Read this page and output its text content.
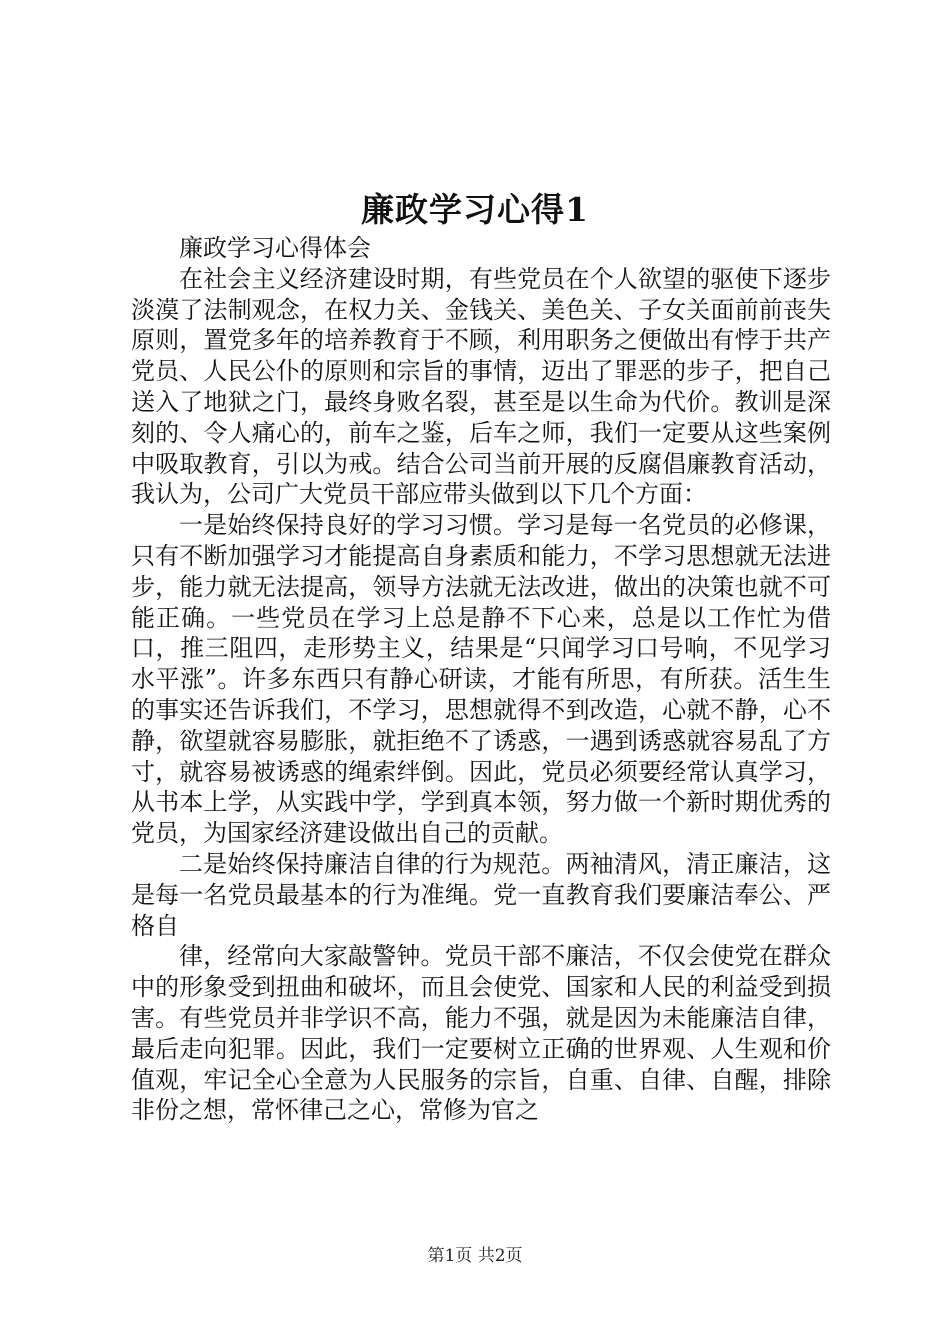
廉政学习心得1

廉政学习心得体会

在社会主义经济建设时期，有些党员在个人欲望的驱使下逐步淡漠了法制观念，在权力关、金钱关、美色关、子女关面前前丧失原则，置党多年的培养教育于不顾，利用职务之便做出有悖于共产党员、人民公仆的原则和宗旨的事情，迈出了罪恶的步子，把自己送入了地狱之门，最终身败名裂，甚至是以生命为代价。教训是深刻的、令人痛心的，前车之鉴，后车之师，我们一定要从这些案例中吸取教育，引以为戒。结合公司当前开展的反腐倡廉教育活动，我认为，公司广大党员干部应带头做到以下几个方面：

一是始终保持良好的学习习惯。学习是每一名党员的必修课，只有不断加强学习才能提高自身素质和能力，不学习思想就无法进步，能力就无法提高，领导方法就无法改进，做出的决策也就不可能正确。一些党员在学习上总是静不下心来，总是以工作忙为借口，推三阻四，走形势主义，结果是“只闻学习口号响，不见学习水平涨”。许多东西只有静心研读，才能有所思，有所获。活生生的事实还告诉我们，不学习，思想就得不到改造，心就不静，心不静，欲望就容易膨胀，就拒绝不了诱惑，一遇到诱惑就容易乱了方寸，就容易被诱惑的绳索绊倒。因此，党员必须要经常认真学习，从书本上学，从实践中学，学到真本领，努力做一个新时期优秀的党员，为国家经济建设做出自己的贡献。

二是始终保持廉洁自律的行为规范。两袖清风，清正廉洁，这是每一名党员最基本的行为准绳。党一直教育我们要廉洁奉公、严格自

律，经常向大家敲警钟。党员干部不廉洁，不仅会使党在群众中的形象受到扭曲和破坏，而且会使党、国家和人民的利益受到损害。有些党员并非学识不高，能力不强，就是因为未能廉洁自律，最后走向犯罪。因此，我们一定要树立正确的世界观、人生观和价值观，牢记全心全意为人民服务的宗旨，自重、自律、自醒，排除非份之想，常怀律己之心，常修为官之

第1页 共2页
